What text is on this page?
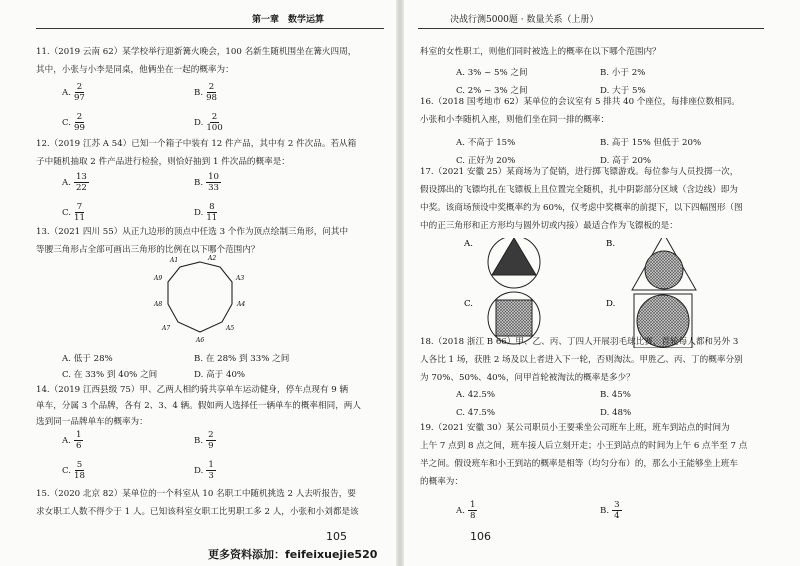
第一章　数学运算	决战行测5000题 · 数量关系（上册）
11.（2019 云南 62）某学校举行迎新篝火晚会，100 名新生随机围坐在篝火四周，
其中，小张与小李是同桌，他俩坐在一起的概率为：
A. $\frac{2}{97}$	B. $\frac{2}{98}$
C. $\frac{2}{99}$	D. $\frac{2}{100}$
12.（2019 江苏 A 54）已知一个箱子中装有 12 件产品，其中有 2 件次品。若从箱
子中随机抽取 2 件产品进行检验，则恰好抽到 1 件次品的概率是：
A. $\frac{13}{22}$	B. $\frac{10}{33}$
C. $\frac{7}{11}$	D. $\frac{8}{11}$
13.（2021 四川 55）从正九边形的顶点中任选 3 个作为顶点绘制三角形，问其中
等腰三角形占全部可画出三角形的比例在以下哪个范围内？
A1	A2
A3
A4
A5
A6
A7
A8
A9
A. 低于 28%	B. 在 28% 到 33% 之间
C. 在 33% 到 40% 之间	D. 高于 40%
14.（2019 江西县级 75）甲、乙两人相约骑共享单车运动健身，停车点现有 9 辆
单车，分属 3 个品牌，各有 2、3、4 辆。假如两人选择任一辆单车的概率相同，两人
选到同一品牌单车的概率为：
A. $\frac{1}{6}$	B. $\frac{2}{9}$
C. $\frac{5}{18}$	D. $\frac{1}{3}$
15.（2020 北京 82）某单位的一个科室从 10 名职工中随机挑选 2 人去听报告，要
求女职工人数不得少于 1 人。已知该科室女职工比男职工多 2 人，小张和小刘都是该
105
更多资料添加：feifeixuejie520
科室的女性职工，则他们同时被选上的概率在以下哪个范围内？
A. 3% ~ 5% 之间	B. 小于 2%
C. 2% ~ 3% 之间	D. 大于 5%
16.（2018 国考地市 62）某单位的会议室有 5 排共 40 个座位，每排座位数相同。
小张和小李随机入座，则他们坐在同一排的概率：
A. 不高于 15%	B. 高于 15% 但低于 20%
C. 正好为 20%	D. 高于 20%
17.（2021 安徽 25）某商场为了促销，进行掷飞镖游戏。每位参与人员投掷一次，
假设掷出的飞镖均扎在飞镖板上且位置完全随机，扎中阴影部分区域（含边线）即为
中奖。该商场预设中奖概率约为 60%，仅考虑中奖概率的前提下，以下四幅图形（图
中的正三角形和正方形均与圆外切或内接）最适合作为飞镖板的是：
A.	B.
C.	D.
18.（2018 浙江 B 66）甲、乙、丙、丁四人开展羽毛球比赛，首轮每人都和另外 3
人各比 1 场，获胜 2 场及以上者进入下一轮，否则淘汰。甲胜乙、丙、丁的概率分别
为 70%、50%、40%，问甲首轮被淘汰的概率是多少？
A. 42.5%	B. 45%
C. 47.5%	D. 48%
19.（2021 安徽 30）某公司职员小王要乘坐公司班车上班，班车到站点的时间为
上午 7 点到 8 点之间，班车接人后立刻开走；小王到站点的时间为上午 6 点半至 7 点
半之间。假设班车和小王到站的概率是相等（均匀分布）的，那么小王能够坐上班车
的概率为：
A. $\frac{1}{8}$	B. $\frac{3}{4}$
106
